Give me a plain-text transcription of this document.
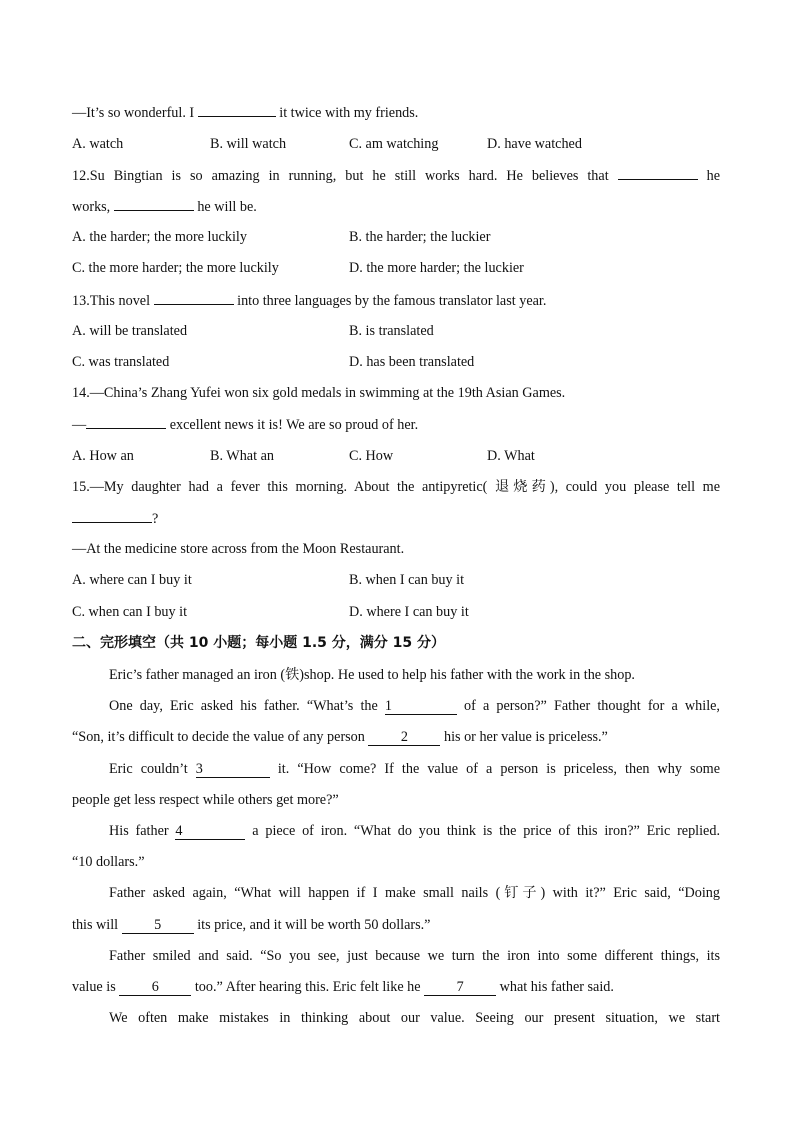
—It’s so wonderful. I	it twice with my friends.
A. watch	B. will watch	C. am watching	D. have watched
12.Su Bingtian is so amazing in running, but he still works hard. He believes that	he
works,	he will be.
A. the harder; the more luckily	B. the harder; the luckier
C. the more harder; the more luckily	D. the more harder; the luckier
13.This novel	into three languages by the famous translator last year.
A. will be translated	B. is translated
C. was translated	D. has been translated
14.—China’s Zhang Yufei won six gold medals in swimming at the 19th Asian Games.
—	excellent news it is! We are so proud of her.
A. How an	B. What an	C. How	D. What
15.—My daughter had a fever this morning. About the antipyretic( 退烧药), could you please tell me
?
—At the medicine store across from the Moon Restaurant.
A. where can I buy it	B. when I can buy it
C. when can I buy it	D. where I can buy it
二、完形填空（共 10 小题；每小题 1.5 分，满分 15 分）
Eric’s father managed an iron (铁)shop. He used to help his father with the work in the shop.
One day, Eric asked his father. “What’s the 1	of a person?” Father thought for a while,
“Son, it’s difficult to decide the value of any person 2 his or her value is priceless.”
Eric couldn’t 3	it. “How come? If the value of a person is priceless, then why some
people get less respect while others get more?”
His father 4	a piece of iron. “What do you think is the price of this iron?” Eric replied.
“10 dollars.”
Father asked again, “What will happen if I make small nails (钉子) with it?” Eric said, “Doing
this will 5 its price, and it will be worth 50 dollars.”
Father smiled and said. “So you see, just because we turn the iron into some different things, its
value is 6 too.” After hearing this. Eric felt like he 7 what his father said.
We often make mistakes in thinking about our value. Seeing our present situation, we start
